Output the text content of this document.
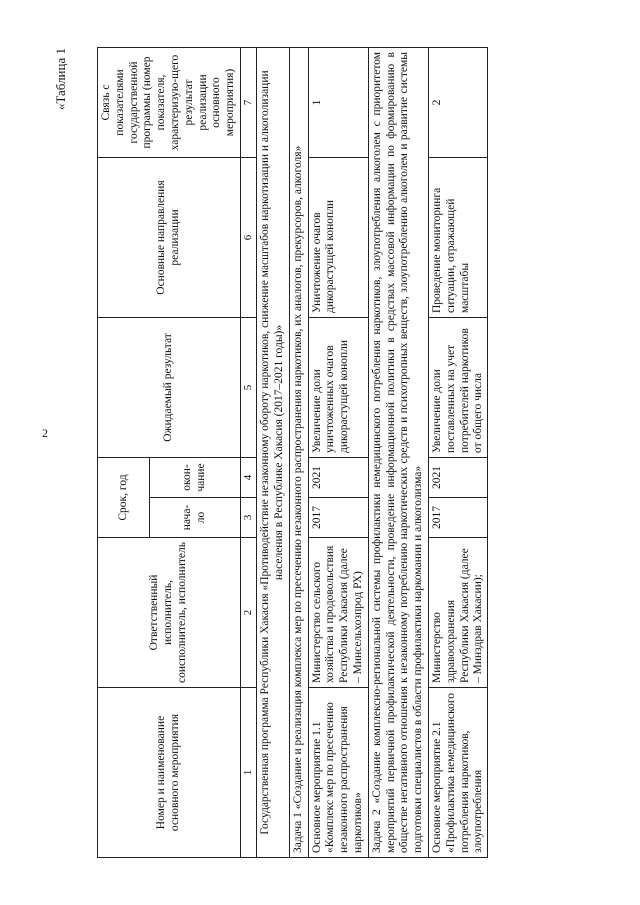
2
«Таблица 1
Номер и наименование основного мероприятия	Ответственный исполнитель, соисполнитель, исполнитель	Срок, год		Ожидаемый результат	Основные направления реализации	Связь с показателями государственной программы (номер показателя, характеризую-щего результат реализации основного мероприятия)
		нача-ло	окон-чание			
1	2	3	4	5	6	7
Государственная программа Республики Хакасия «Противодействие незаконному обороту наркотиков, снижение масштабов наркотизации и алкоголизации населения в Республике Хакасия (2017–2021 годы)»						
Задача 1 «Создание и реализация комплекса мер по пресечению незаконного распространения наркотиков, их аналогов, прекурсоров, алкоголя»						
Основное мероприятие 1.1 «Комплекс мер по пресечению незаконного распространения наркотиков»	Министерство сельского хозяйства и продовольствия Республики Хакасия (далее – Минсельхозпрод РХ)	2017	2021	Увеличение доли уничтоженных очагов дикорастущей конопли	Уничтожение очагов дикорастущей конопли	1
Задача 2 «Создание комплексно-региональной системы профилактики немедицинского потребления наркотиков, злоупотребления алкоголем с приоритетом мероприятий первичной профилактической деятельности, проведение информационной политики в средствах массовой информации по формированию в обществе негативного отношения к незаконному потреблению наркотических средств и психотропных веществ, злоупотреблению алкоголем и развитие системы подготовки специалистов в области профилактики наркомании и алкоголизма»						

Основное мероприятие 2.1 «Профилактика немедицинского потребления наркотиков, злоупотребления	Министерство здравоохранения Республики Хакасия (далее – Минздрав Хакасии);	2017	2021	Увеличение доли поставленных на учет потребителей наркотиков от общего числа	Проведение мониторинга ситуации, отражающей масштабы	2
